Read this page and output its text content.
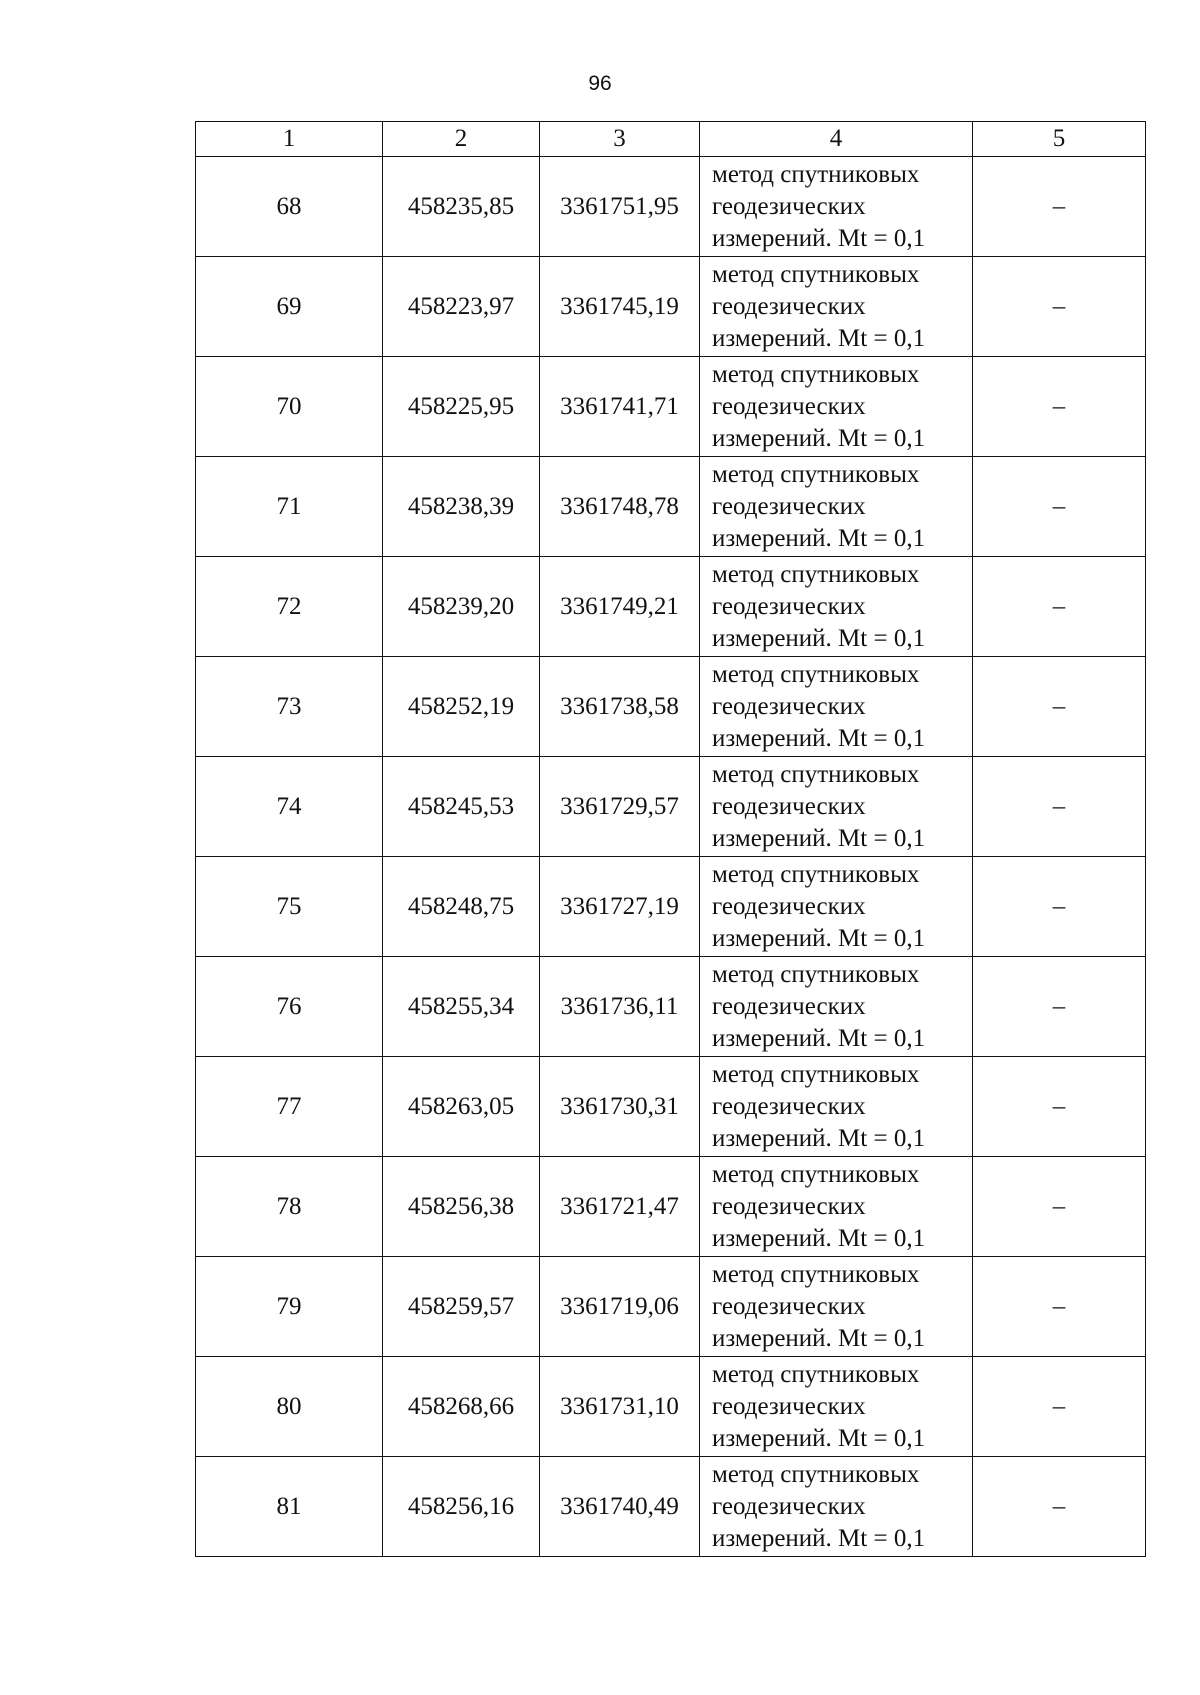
96
1	2	3	4	5
68	458235,85	3361751,95	метод спутниковых геодезических измерений. Mt = 0,1	–
69	458223,97	3361745,19	метод спутниковых геодезических измерений. Mt = 0,1	–
70	458225,95	3361741,71	метод спутниковых геодезических измерений. Mt = 0,1	–
71	458238,39	3361748,78	метод спутниковых геодезических измерений. Mt = 0,1	–
72	458239,20	3361749,21	метод спутниковых геодезических измерений. Mt = 0,1	–
73	458252,19	3361738,58	метод спутниковых геодезических измерений. Mt = 0,1	–
74	458245,53	3361729,57	метод спутниковых геодезических измерений. Mt = 0,1	–
75	458248,75	3361727,19	метод спутниковых геодезических измерений. Mt = 0,1	–
76	458255,34	3361736,11	метод спутниковых геодезических измерений. Mt = 0,1	–
77	458263,05	3361730,31	метод спутниковых геодезических измерений. Mt = 0,1	–
78	458256,38	3361721,47	метод спутниковых геодезических измерений. Mt = 0,1	–
79	458259,57	3361719,06	метод спутниковых геодезических измерений. Mt = 0,1	–
80	458268,66	3361731,10	метод спутниковых геодезических измерений. Mt = 0,1	–
81	458256,16	3361740,49	метод спутниковых геодезических измерений. Mt = 0,1	–
